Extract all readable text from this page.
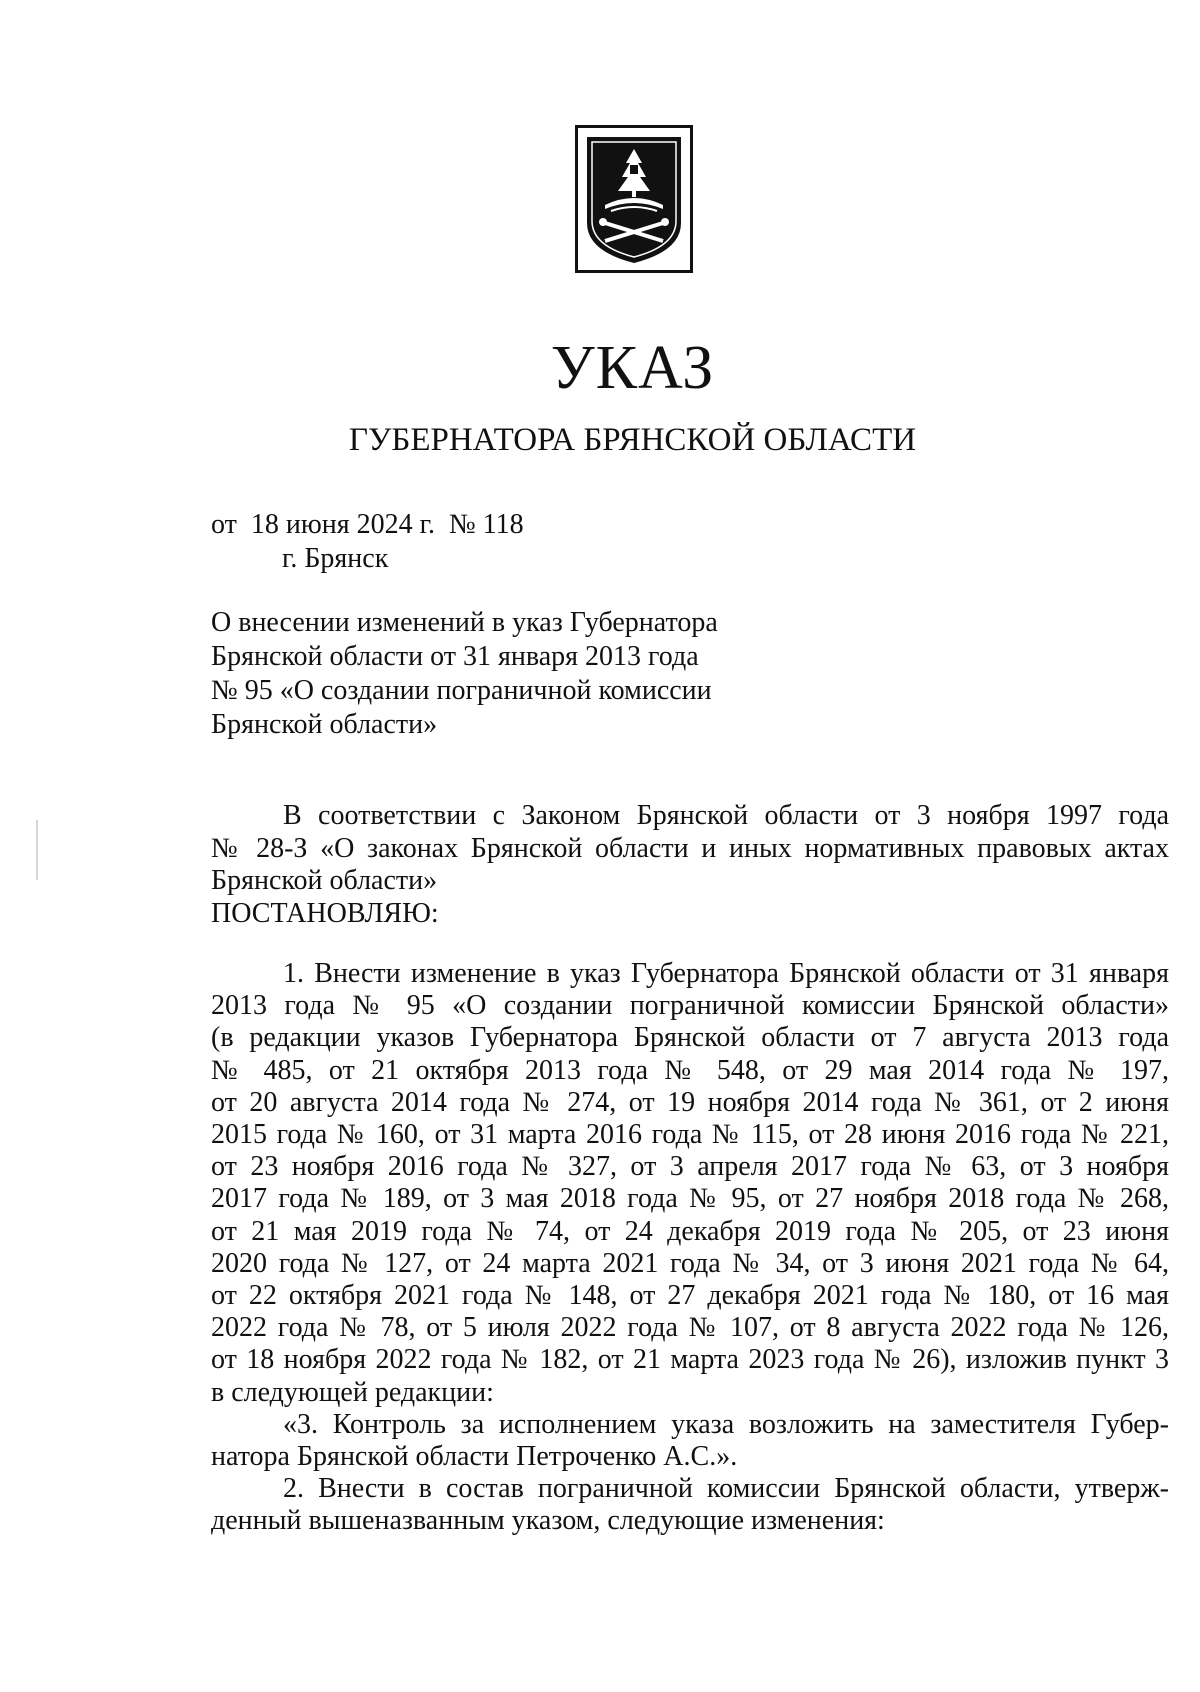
УКАЗ
ГУБЕРНАТОРА БРЯНСКОЙ ОБЛАСТИ
от  18 июня 2024 г.  № 118
г. Брянск
О внесении изменений в указ Губернатора
Брянской области от 31 января 2013 года
№ 95 «О создании пограничной комиссии
Брянской области»
В соответствии с Законом Брянской области от 3 ноября 1997 года
№ 28-З «О законах Брянской области и иных нормативных правовых актах
Брянской области»
ПОСТАНОВЛЯЮ:
1. Внести изменение в указ Губернатора Брянской области от 31 января
2013 года № 95 «О создании пограничной комиссии Брянской области»
(в редакции указов Губернатора Брянской области от 7 августа 2013 года
№ 485, от 21 октября 2013 года № 548, от 29 мая 2014 года № 197,
от 20 августа 2014 года № 274, от 19 ноября 2014 года № 361, от 2 июня
2015 года № 160, от 31 марта 2016 года № 115, от 28 июня 2016 года № 221,
от 23 ноября 2016 года № 327, от 3 апреля 2017 года № 63, от 3 ноября
2017 года № 189, от 3 мая 2018 года № 95, от 27 ноября 2018 года № 268,
от 21 мая 2019 года № 74, от 24 декабря 2019 года № 205, от 23 июня
2020 года № 127, от 24 марта 2021 года № 34, от 3 июня 2021 года № 64,
от 22 октября 2021 года № 148, от 27 декабря 2021 года № 180, от 16 мая
2022 года № 78, от 5 июля 2022 года № 107, от 8 августа 2022 года № 126,
от 18 ноября 2022 года № 182, от 21 марта 2023 года № 26), изложив пункт 3
в следующей редакции:
«3. Контроль за исполнением указа возложить на заместителя Губер-
натора Брянской области Петроченко А.С.».
2. Внести в состав пограничной комиссии Брянской области, утверж-
денный вышеназванным указом, следующие изменения:
